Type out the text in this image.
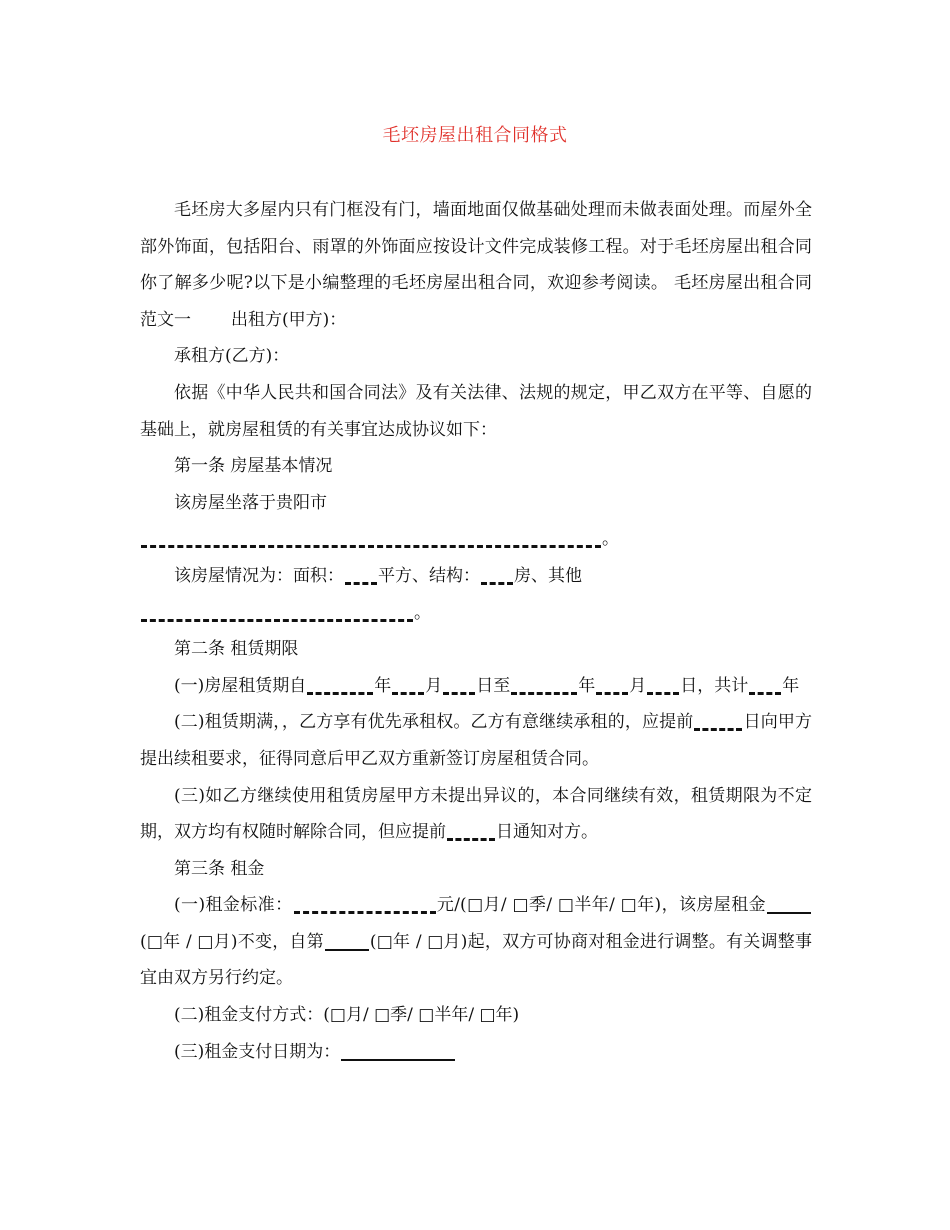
毛坯房屋出租合同格式

毛坯房大多屋内只有门框没有门，墙面地面仅做基础处理而未做表面处理。而屋外全部外饰面，包括阳台、雨罩的外饰面应按设计文件完成装修工程。对于毛坯房屋出租合同你了解多少呢?以下是小编整理的毛坯房屋出租合同，欢迎参考阅读。 毛坯房屋出租合同范文一 出租方(甲方)：

承租方(乙方)：

依据《中华人民共和国合同法》及有关法律、法规的规定，甲乙双方在平等、自愿的基础上，就房屋租赁的有关事宜达成协议如下：

第一条 房屋基本情况

该房屋坐落于贵阳市

。

该房屋情况为：面积： 平方、结构： 房、其他

。

第二条 租赁期限

(一)房屋租赁期自	年 月 日至	年 月 日，共计 年

(二)租赁期满，，乙方享有优先承租权。乙方有意继续承租的，应提前	日向甲方提出续租要求，征得同意后甲乙双方重新签订房屋租赁合同。

(三)如乙方继续使用租赁房屋甲方未提出异议的，本合同继续有效，租赁期限为不定期，双方均有权随时解除合同，但应提前	日通知对方。

第三条 租金

(一)租金标准：	元/(□月/ □季/ □半年/ □年)，该房屋租金(□年 / □月)不变，自第	(□年 / □月)起，双方可协商对租金进行调整。有关调整事宜由双方另行约定。

(二)租金支付方式：(□月/ □季/ □半年/ □年)

(三)租金支付日期为：
